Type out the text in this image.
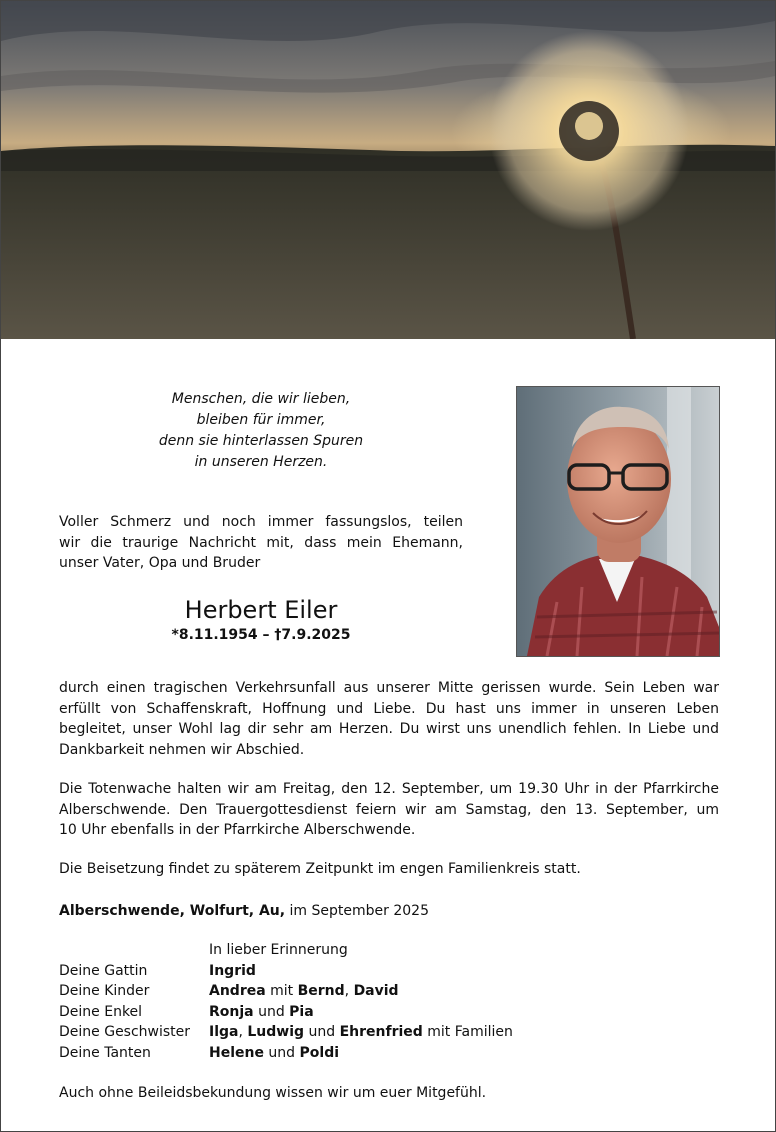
Menschen, die wir lieben,
bleiben für immer,
denn sie hinterlassen Spuren
in unseren Herzen.
Voller Schmerz und noch immer fassungslos, teilen
wir die traurige Nachricht mit, dass mein Ehemann,
unser Vater, Opa und Bruder
Herbert Eiler
*8.11.1954 – †7.9.2025
durch einen tragischen Verkehrsunfall aus unserer Mitte gerissen wurde. Sein Leben war
erfüllt von Schaffenskraft, Hoffnung und Liebe. Du hast uns immer in unseren Leben
begleitet, unser Wohl lag dir sehr am Herzen. Du wirst uns unendlich fehlen. In Liebe und
Dankbarkeit nehmen wir Abschied.
Die Totenwache halten wir am Freitag, den 12. September, um 19.30 Uhr in der Pfarrkirche
Alberschwende. Den Trauergottesdienst feiern wir am Samstag, den 13. September, um
10 Uhr ebenfalls in der Pfarrkirche Alberschwende.
Die Beisetzung findet zu späterem Zeitpunkt im engen Familienkreis statt.
Alberschwende, Wolfurt, Au, im September 2025
In lieber Erinnerung
Deine Gattin	Ingrid
Deine Kinder	Andrea mit Bernd, David
Deine Enkel	Ronja und Pia
Deine Geschwister	Ilga, Ludwig und Ehrenfried mit Familien
Deine Tanten	Helene und Poldi
Auch ohne Beileidsbekundung wissen wir um euer Mitgefühl.
